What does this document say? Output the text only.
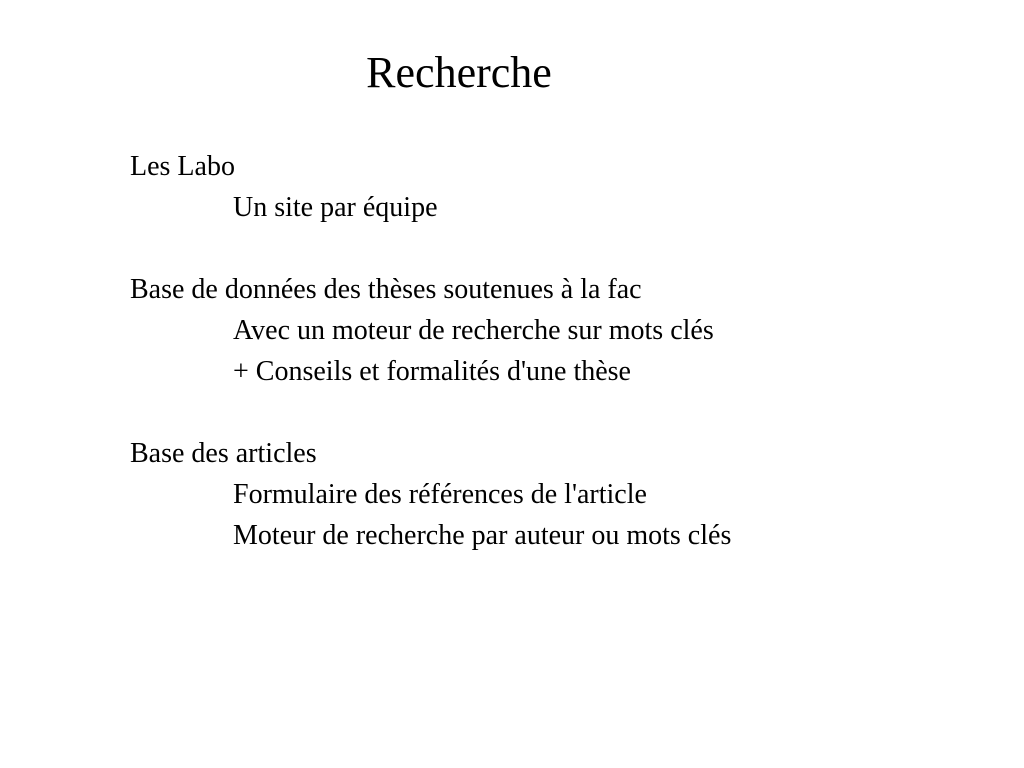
Recherche
Les Labo
Un site par équipe
Base de données des thèses soutenues à la fac
Avec un moteur de recherche sur mots clés
+ Conseils et formalités d'une thèse
Base des articles
Formulaire des références de l'article
Moteur de recherche par auteur ou mots clés
